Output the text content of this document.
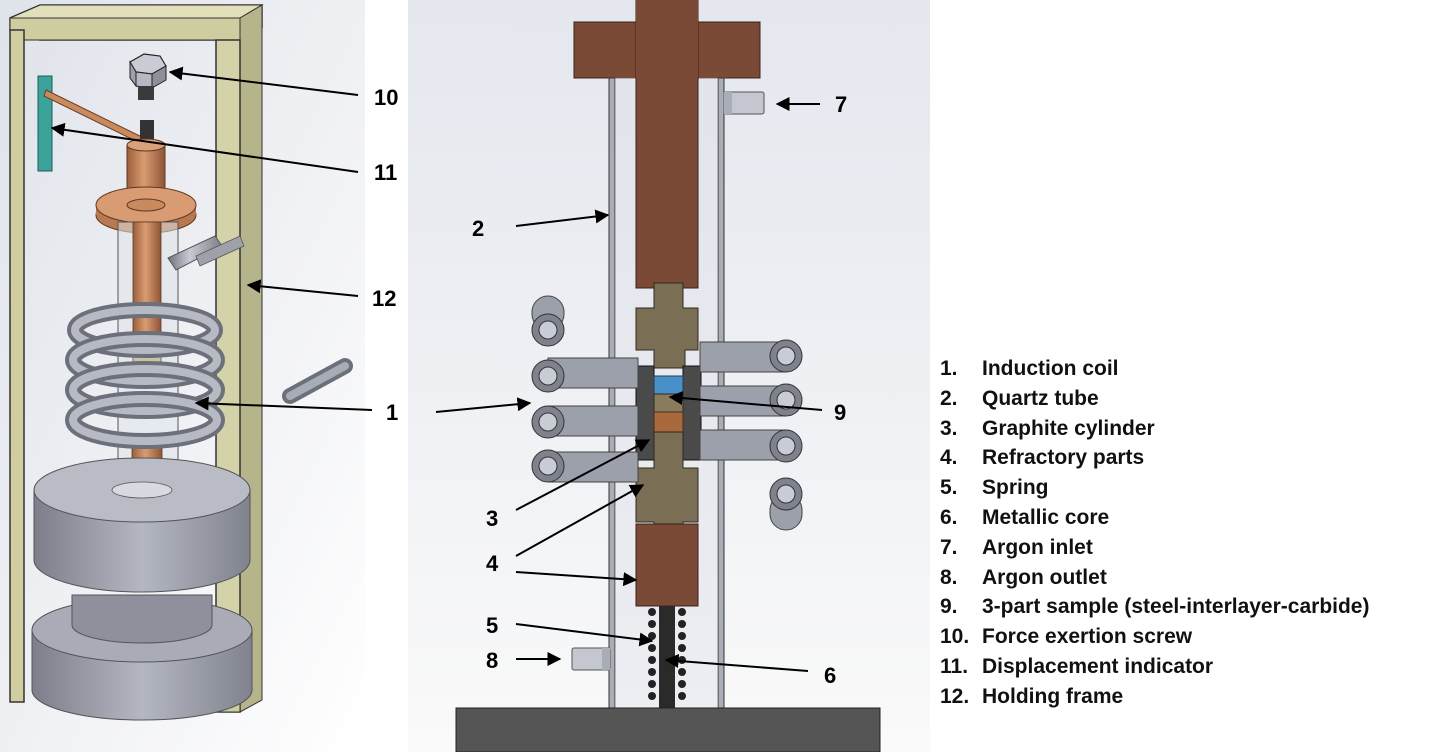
10
11
12
1
7
2
9
3
4
5
8
6
1.	Induction coil
2.	Quartz tube
3.	Graphite cylinder
4.	Refractory parts
5.	Spring
6.	Metallic core
7.	Argon inlet
8.	Argon outlet
9.	3-part sample (steel-interlayer-carbide)
10. Force exertion screw
11. Displacement indicator
12. Holding frame
